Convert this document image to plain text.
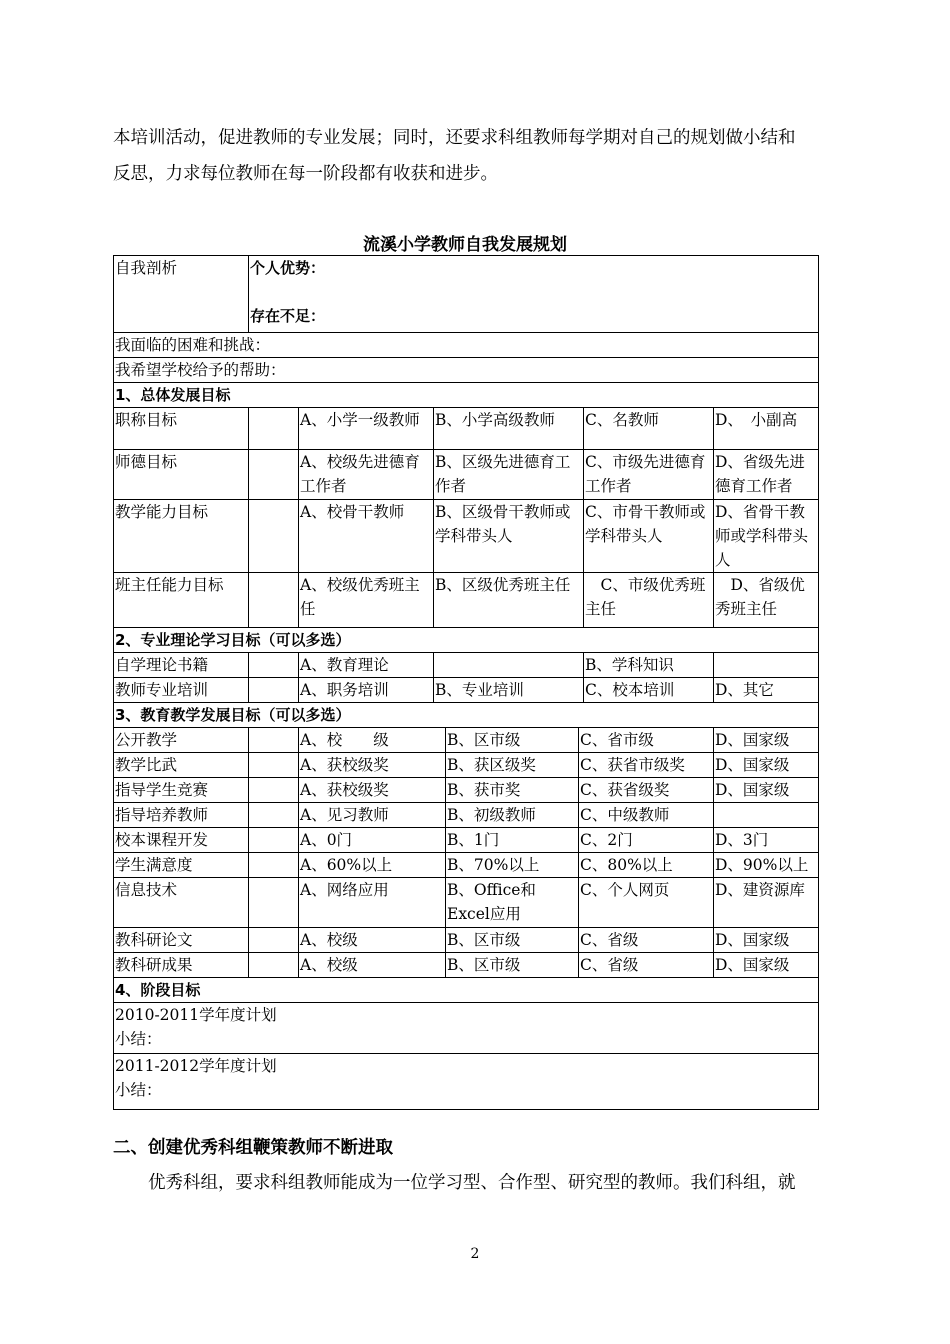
本培训活动，促进教师的专业发展；同时，还要求科组教师每学期对自己的规划做小结和

反思，力求每位教师在每一阶段都有收获和进步。

流溪小学教师自我发展规划
自我剖析	个人优势：
存在不足：						

我面临的困难和挑战：							
我希望学校给予的帮助：							
1、总体发展目标							
职称目标		A、小学一级教师	B、小学高级教师			C、名教师	D、　小副高
师德目标		A、校级先进德育工作者	B、区级先进德育工作者			C、市级先进德育工作者	D、省级先进德育工作者
教学能力目标		A、校骨干教师	B、区级骨干教师或学科带头人			C、市骨干教师或学科带头人	D、省骨干教师或学科带头人
班主任能力目标		A、校级优秀班主任	B、区级优秀班主任			　C、市级优秀班主任	　D、省级优秀班主任
2、专业理论学习目标（可以多选）							
自学理论书籍		A、教育理论				B、学科知识	
教师专业培训		A、职务培训	B、专业培训			C、校本培训	D、其它
3、教育教学发展目标（可以多选）							
公开教学		A、校　　级		B、区市级	C、省市级		D、国家级
教学比武		A、获校级奖		B、获区级奖	C、获省市级奖		D、国家级
指导学生竞赛		A、获校级奖		B、获市奖	C、获省级奖		D、国家级
指导培养教师		A、见习教师		B、初级教师	C、中级教师		
校本课程开发		A、0门		B、1门	C、2门		D、3门
学生满意度		A、60%以上		B、70%以上	C、80%以上		D、90%以上
信息技术		A、网络应用		B、Office和Excel应用	C、个人网页		D、建资源库
教科研论文		A、校级		B、区市级	C、省级		D、国家级
教科研成果		A、校级		B、区市级	C、省级		D、国家级
4、阶段目标							

2010-2011学年度计划
小结：							

2011-2012学年度计划
小结：							
二、创建优秀科组鞭策教师不断进取

　　优秀科组，要求科组教师能成为一位学习型、合作型、研究型的教师。我们科组，就

2
